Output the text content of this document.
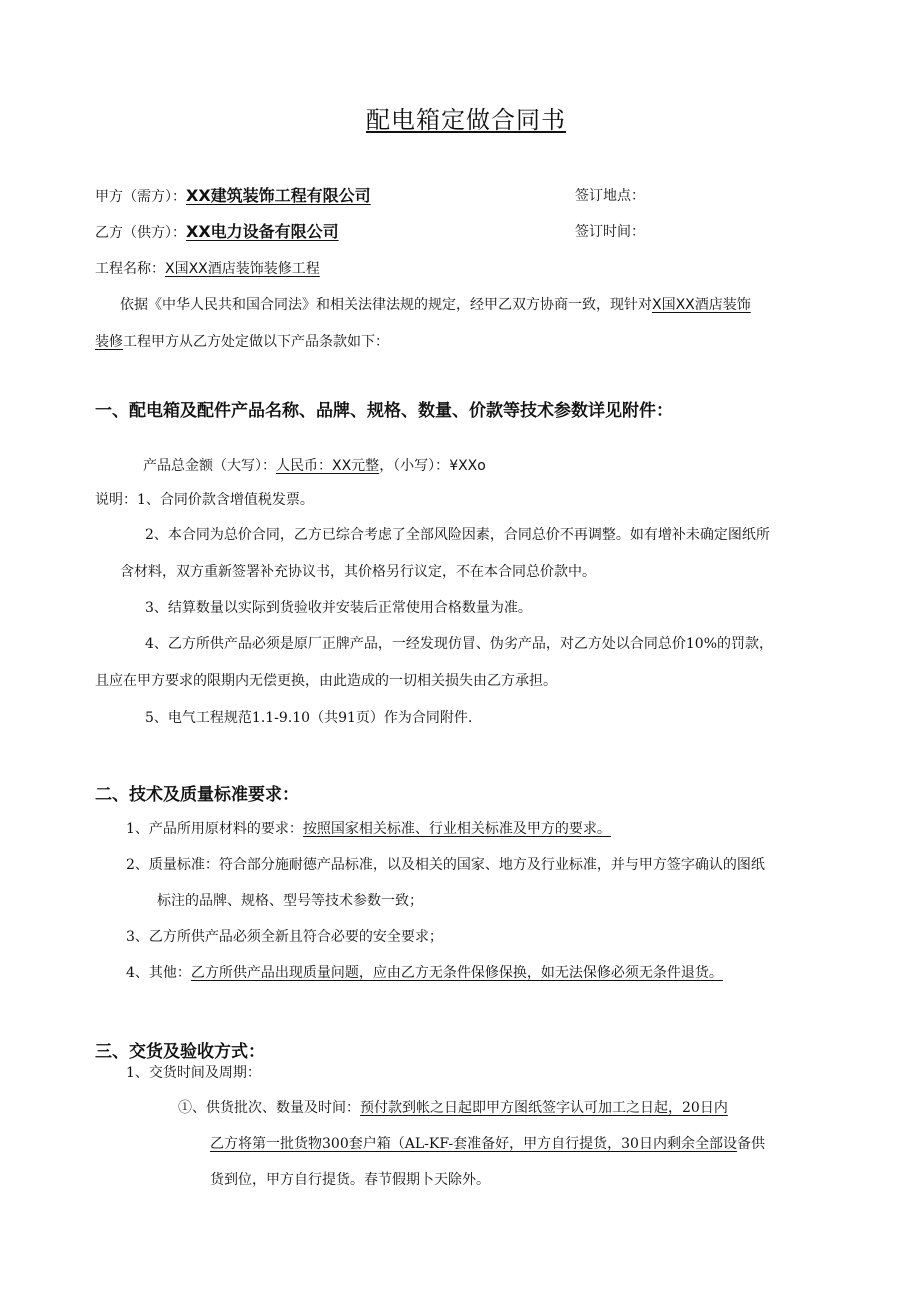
配电箱定做合同书
甲方（需方）：XX建筑装饰工程有限公司	签订地点：
乙方（供方）：XX电力设备有限公司	签订时间：
工程名称：X国XX酒店装饰装修工程
依据《中华人民共和国合同法》和相关法律法规的规定，经甲乙双方协商一致，现针对X国XX酒店装饰
装修工程甲方从乙方处定做以下产品条款如下：
一、配电箱及配件产品名称、品牌、规格、数量、价款等技术参数详见附件：
产品总金额（大写）：人民币：XX元整，（小写）：¥XXo
说明：1、合同价款含增值税发票。
2、本合同为总价合同，乙方已综合考虑了全部风险因素，合同总价不再调整。如有增补未确定图纸所
含材料，双方重新签署补充协议书，其价格另行议定，不在本合同总价款中。
3、结算数量以实际到货验收并安装后正常使用合格数量为准。
4、乙方所供产品必须是原厂正牌产品，一经发现仿冒、伪劣产品，对乙方处以合同总价10%的罚款，
且应在甲方要求的限期内无偿更换，由此造成的一切相关损失由乙方承担。
5、电气工程规范1.1-9.10（共91页）作为合同附件.
二、技术及质量标准要求：
1、产品所用原材料的要求：按照国家相关标准、行业相关标准及甲方的要求。
2、质量标准：符合部分施耐德产品标准，以及相关的国家、地方及行业标准，并与甲方签字确认的图纸
标注的品牌、规格、型号等技术参数一致；
3、乙方所供产品必须全新且符合必要的安全要求；
4、其他：乙方所供产品出现质量问题，应由乙方无条件保修保换，如无法保修必须无条件退货。
三、交货及验收方式：
1、交货时间及周期：
①、供货批次、数量及时间：预付款到帐之日起即甲方图纸签字认可加工之日起，20日内
乙方将第一批货物300套户箱（AL-KF-套准备好，甲方自行提货，30日内剩余全部设备供
货到位，甲方自行提货。春节假期卜天除外。
